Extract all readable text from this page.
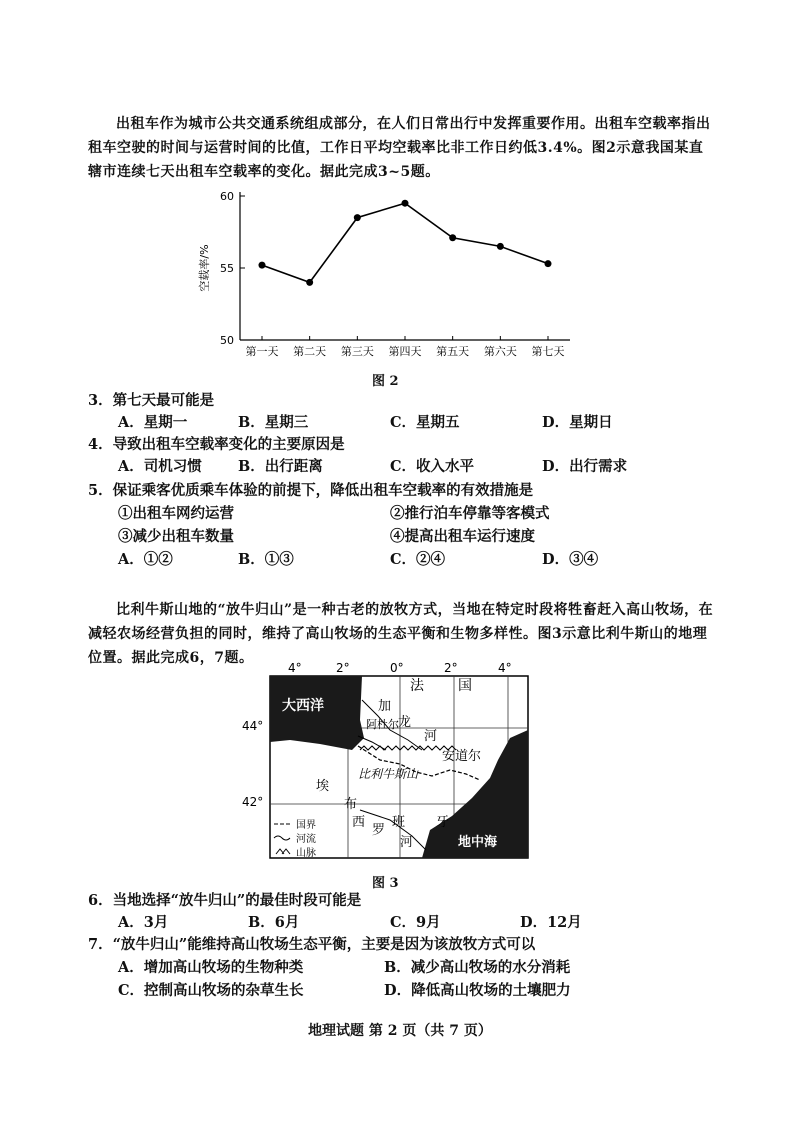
出租车作为城市公共交通系统组成部分，在人们日常出行中发挥重要作用。出租车空载率指出租车空驶的时间与运营时间的比值，工作日平均空载率比非工作日约低3.4%。图2示意我国某直辖市连续七天出租车空载率的变化。据此完成3~5题。
50
55
60
空载率/%
第一天 第二天 第三天 第四天 第五天 第六天 第七天
图 2
3．第七天最可能是
A．星期一	B．星期三	C．星期五	D．星期日
4．导致出租车空载率变化的主要原因是
A．司机习惯	B．出行距离	C．收入水平	D．出行需求
5．保证乘客优质乘车体验的前提下，降低出租车空载率的有效措施是
①出租车网约运营	②推行泊车停靠等客模式
③减少出租车数量	④提高出租车运行速度
A．①②	B．①③	C．②④	D．③④
比利牛斯山地的“放牛归山”是一种古老的放牧方式，当地在特定时段将牲畜赶入高山牧场，在减轻农场经营负担的同时，维持了高山牧场的生态平衡和生物多样性。图3示意比利牛斯山的地理位置。据此完成6，7题。
4°	2°	0°	2°	4°
44°
42°
大西洋
法 国
加
龙
河
阿杜尔
安道尔
比利牛斯山
埃
布
西
罗
班
河
牙
地中海
国界
河流
山脉
图 3
6．当地选择“放牛归山”的最佳时段可能是
A．3月	B．6月	C．9月	D．12月
7．“放牛归山”能维持高山牧场生态平衡，主要是因为该放牧方式可以
A．增加高山牧场的生物种类	B．减少高山牧场的水分消耗
C．控制高山牧场的杂草生长	D．降低高山牧场的土壤肥力
地理试题 第 2 页（共 7 页）
